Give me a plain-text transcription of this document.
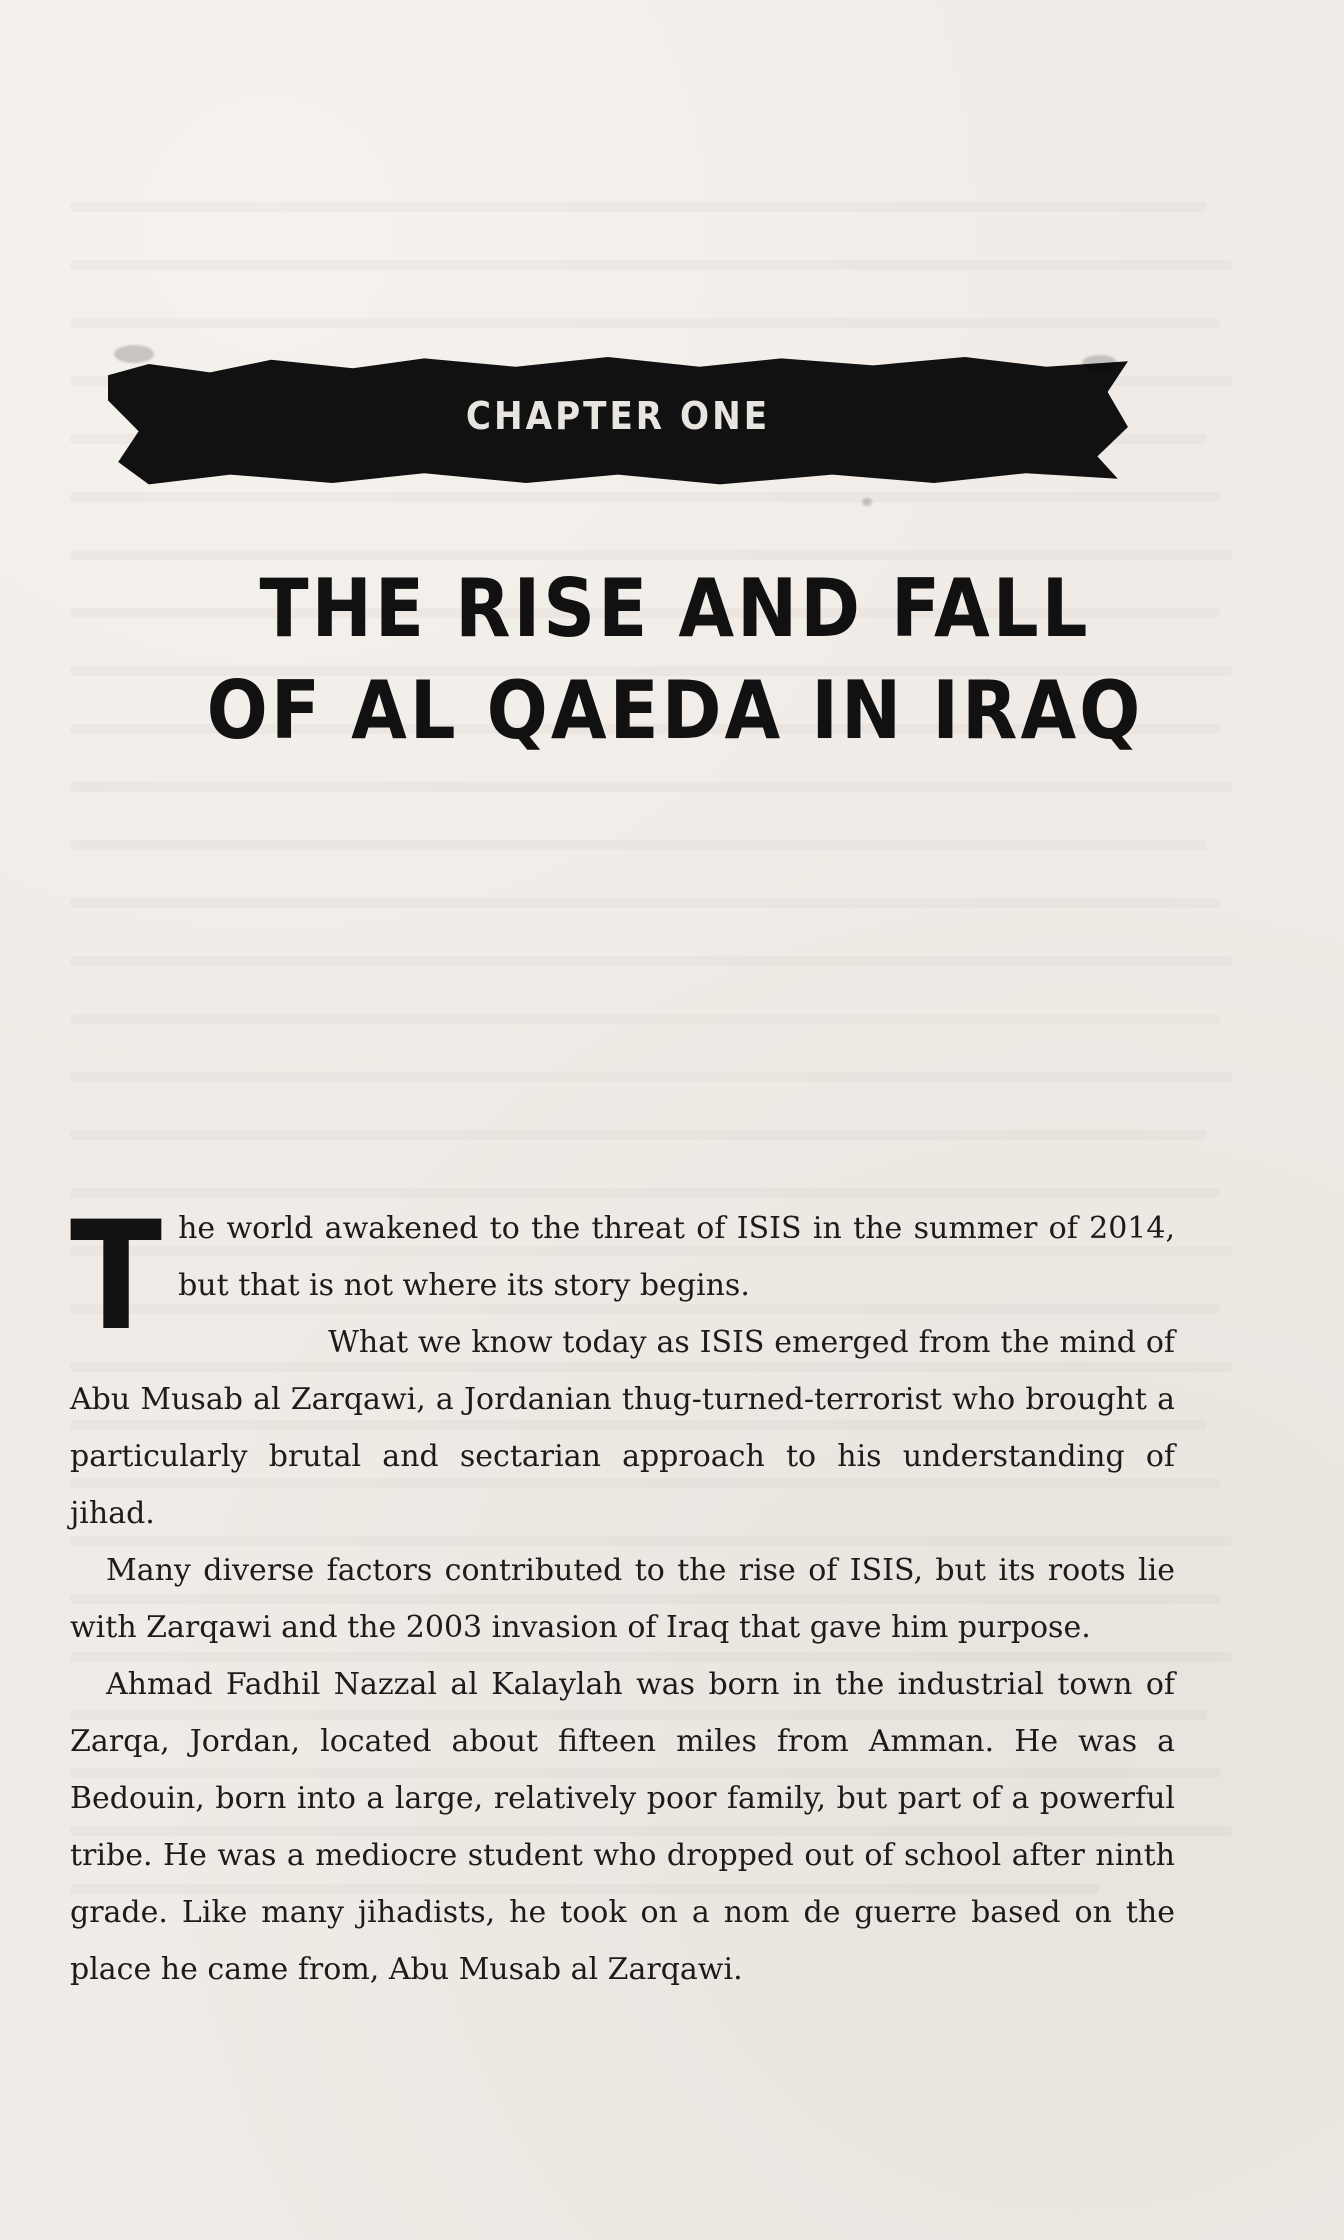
CHAPTER ONE
THE RISE AND FALL
OF AL QAEDA IN IRAQ

The world awakened to the threat of ISIS in the summer of 2014, but that is not where its story begins.

What we know today as ISIS emerged from the mind of Abu Musab al Zarqawi, a Jordanian thug-turned-terrorist who brought a particularly brutal and sectarian approach to his understanding of jihad.

Many diverse factors contributed to the rise of ISIS, but its roots lie with Zarqawi and the 2003 invasion of Iraq that gave him purpose.

Ahmad Fadhil Nazzal al Kalaylah was born in the industrial town of Zarqa, Jordan, located about fifteen miles from Amman. He was a Bedouin, born into a large, relatively poor family, but part of a powerful tribe. He was a mediocre student who dropped out of school after ninth grade. Like many jihadists, he took on a nom de guerre based on the place he came from, Abu Musab al Zarqawi.
